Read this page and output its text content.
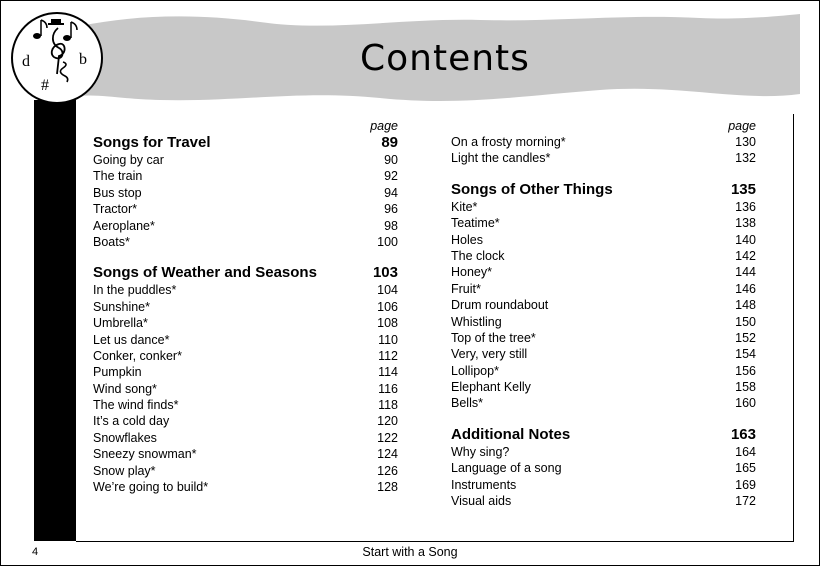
Contents
d	b
#
page
Songs for Travel	89
Going by car	90
The train	92
Bus stop	94
Tractor*	96
Aeroplane*	98
Boats*	100
Songs of Weather and Seasons	103
In the puddles*	104
Sunshine*	106
Umbrella*	108
Let us dance*	110
Conker, conker*	112
Pumpkin	114
Wind song*	116
The wind finds*	118
It’s a cold day	120
Snowflakes	122
Sneezy snowman*	124
Snow play*	126
We’re going to build*	128
page
On a frosty morning*	130
Light the candles*	132
Songs of Other Things	135
Kite*	136
Teatime*	138
Holes	140
The clock	142
Honey*	144
Fruit*	146
Drum roundabout	148
Whistling	150
Top of the tree*	152
Very, very still	154
Lollipop*	156
Elephant Kelly	158
Bells*	160
Additional Notes	163
Why sing?	164
Language of a song	165
Instruments	169
Visual aids	172
4	Start with a Song
